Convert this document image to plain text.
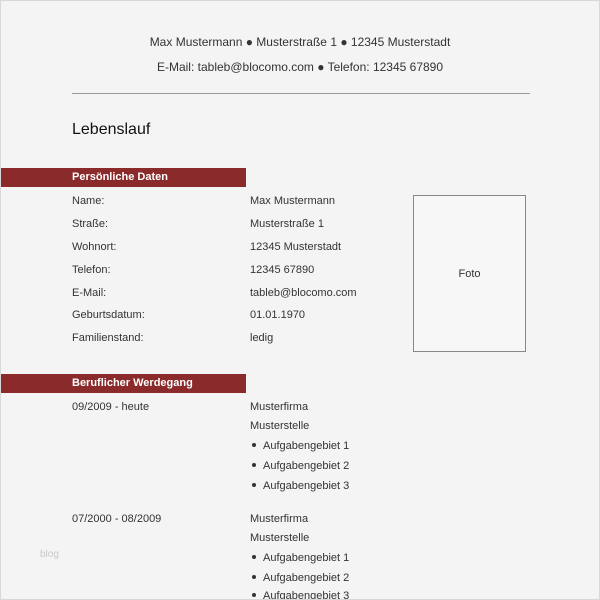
Max Mustermann ● Musterstraße 1 ● 12345 Musterstadt
E-Mail: tableb@blocomo.com ● Telefon: 12345 67890
Lebenslauf
Persönliche Daten
Name:	Max Mustermann
Straße:	Musterstraße 1
Wohnort:	12345 Musterstadt
Telefon:	12345 67890
E-Mail:	tableb@blocomo.com
Geburtsdatum:	01.01.1970
Familienstand:	ledig
Foto
Beruflicher Werdegang
09/2009 - heute	Musterfirma
Musterstelle
Aufgabengebiet 1
Aufgabengebiet 2
Aufgabengebiet 3
07/2000 - 08/2009	Musterfirma
Musterstelle
Aufgabengebiet 1
Aufgabengebiet 2
Aufgabengebiet 3
blog
